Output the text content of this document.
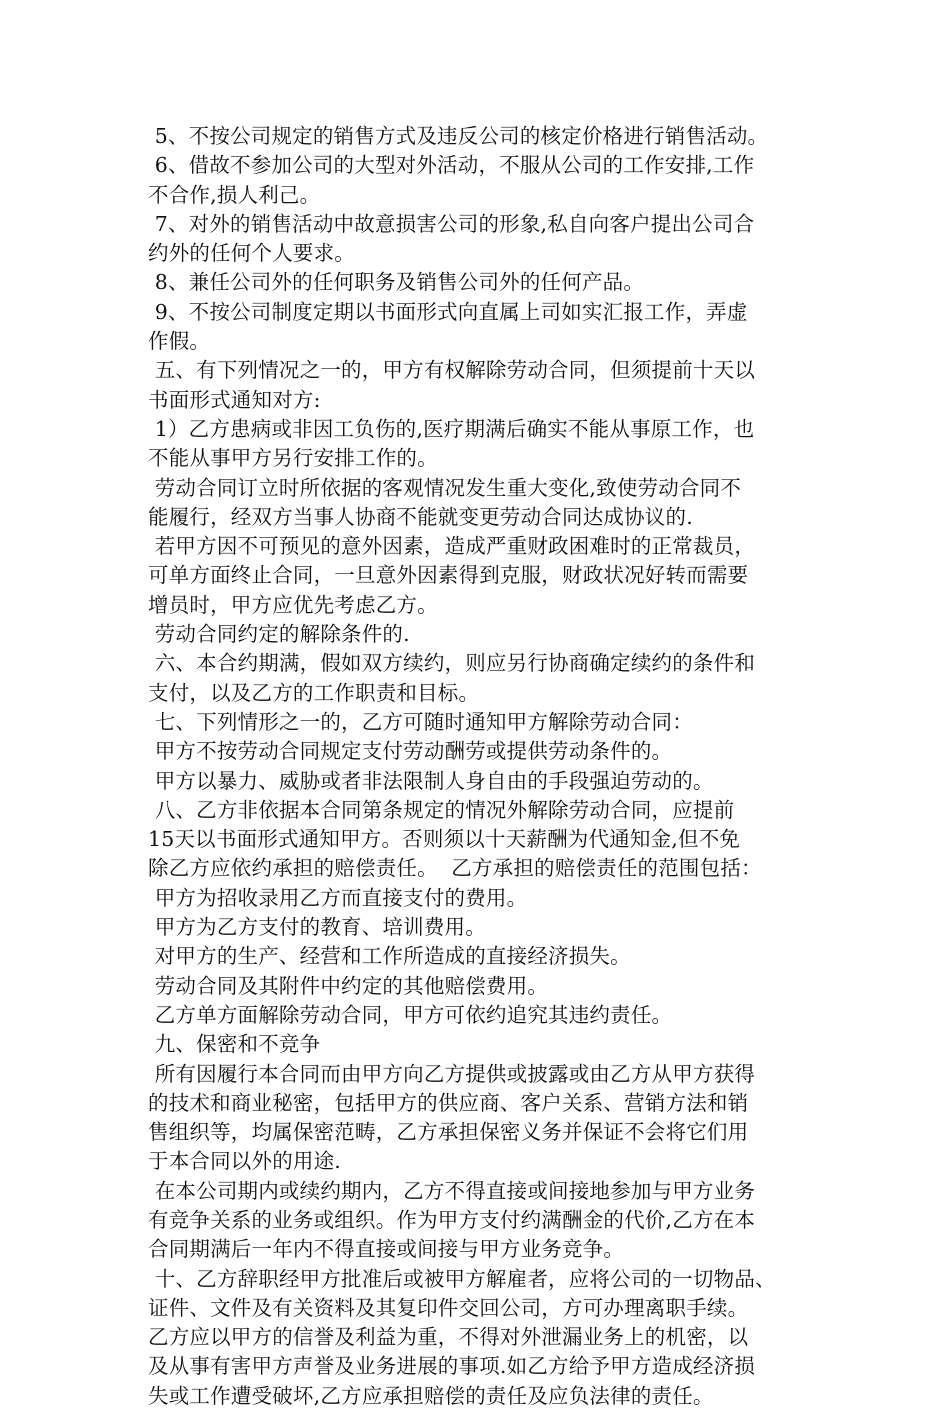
5、不按公司规定的销售方式及违反公司的核定价格进行销售活动。
6、借故不参加公司的大型对外活动，不服从公司的工作安排,工作
不合作,损人利己。
7、对外的销售活动中故意损害公司的形象,私自向客户提出公司合
约外的任何个人要求。
8、兼任公司外的任何职务及销售公司外的任何产品。
9、不按公司制度定期以书面形式向直属上司如实汇报工作，弄虚
作假。
五、有下列情况之一的，甲方有权解除劳动合同，但须提前十天以
书面形式通知对方:
1）乙方患病或非因工负伤的,医疗期满后确实不能从事原工作，也
不能从事甲方另行安排工作的。
劳动合同订立时所依据的客观情况发生重大变化,致使劳动合同不
能履行，经双方当事人协商不能就变更劳动合同达成协议的.
若甲方因不可预见的意外因素，造成严重财政困难时的正常裁员，
可单方面终止合同，一旦意外因素得到克服，财政状况好转而需要
增员时，甲方应优先考虑乙方。
劳动合同约定的解除条件的.
六、本合约期满，假如双方续约，则应另行协商确定续约的条件和
支付，以及乙方的工作职责和目标。
七、下列情形之一的，乙方可随时通知甲方解除劳动合同：
甲方不按劳动合同规定支付劳动酬劳或提供劳动条件的。
甲方以暴力、威胁或者非法限制人身自由的手段强迫劳动的。
八、乙方非依据本合同第条规定的情况外解除劳动合同，应提前
15天以书面形式通知甲方。否则须以十天薪酬为代通知金,但不免
除乙方应依约承担的赔偿责任。  乙方承担的赔偿责任的范围包括：
甲方为招收录用乙方而直接支付的费用。
甲方为乙方支付的教育、培训费用。
对甲方的生产、经营和工作所造成的直接经济损失。
劳动合同及其附件中约定的其他赔偿费用。
乙方单方面解除劳动合同，甲方可依约追究其违约责任。
九、保密和不竞争
所有因履行本合同而由甲方向乙方提供或披露或由乙方从甲方获得
的技术和商业秘密，包括甲方的供应商、客户关系、营销方法和销
售组织等，均属保密范畴，乙方承担保密义务并保证不会将它们用
于本合同以外的用途.
在本公司期内或续约期内，乙方不得直接或间接地参加与甲方业务
有竞争关系的业务或组织。作为甲方支付约满酬金的代价,乙方在本
合同期满后一年内不得直接或间接与甲方业务竞争。
十、乙方辞职经甲方批准后或被甲方解雇者，应将公司的一切物品、
证件、文件及有关资料及其复印件交回公司，方可办理离职手续。
乙方应以甲方的信誉及利益为重，不得对外泄漏业务上的机密，以
及从事有害甲方声誉及业务进展的事项.如乙方给予甲方造成经济损
失或工作遭受破坏,乙方应承担赔偿的责任及应负法律的责任。
